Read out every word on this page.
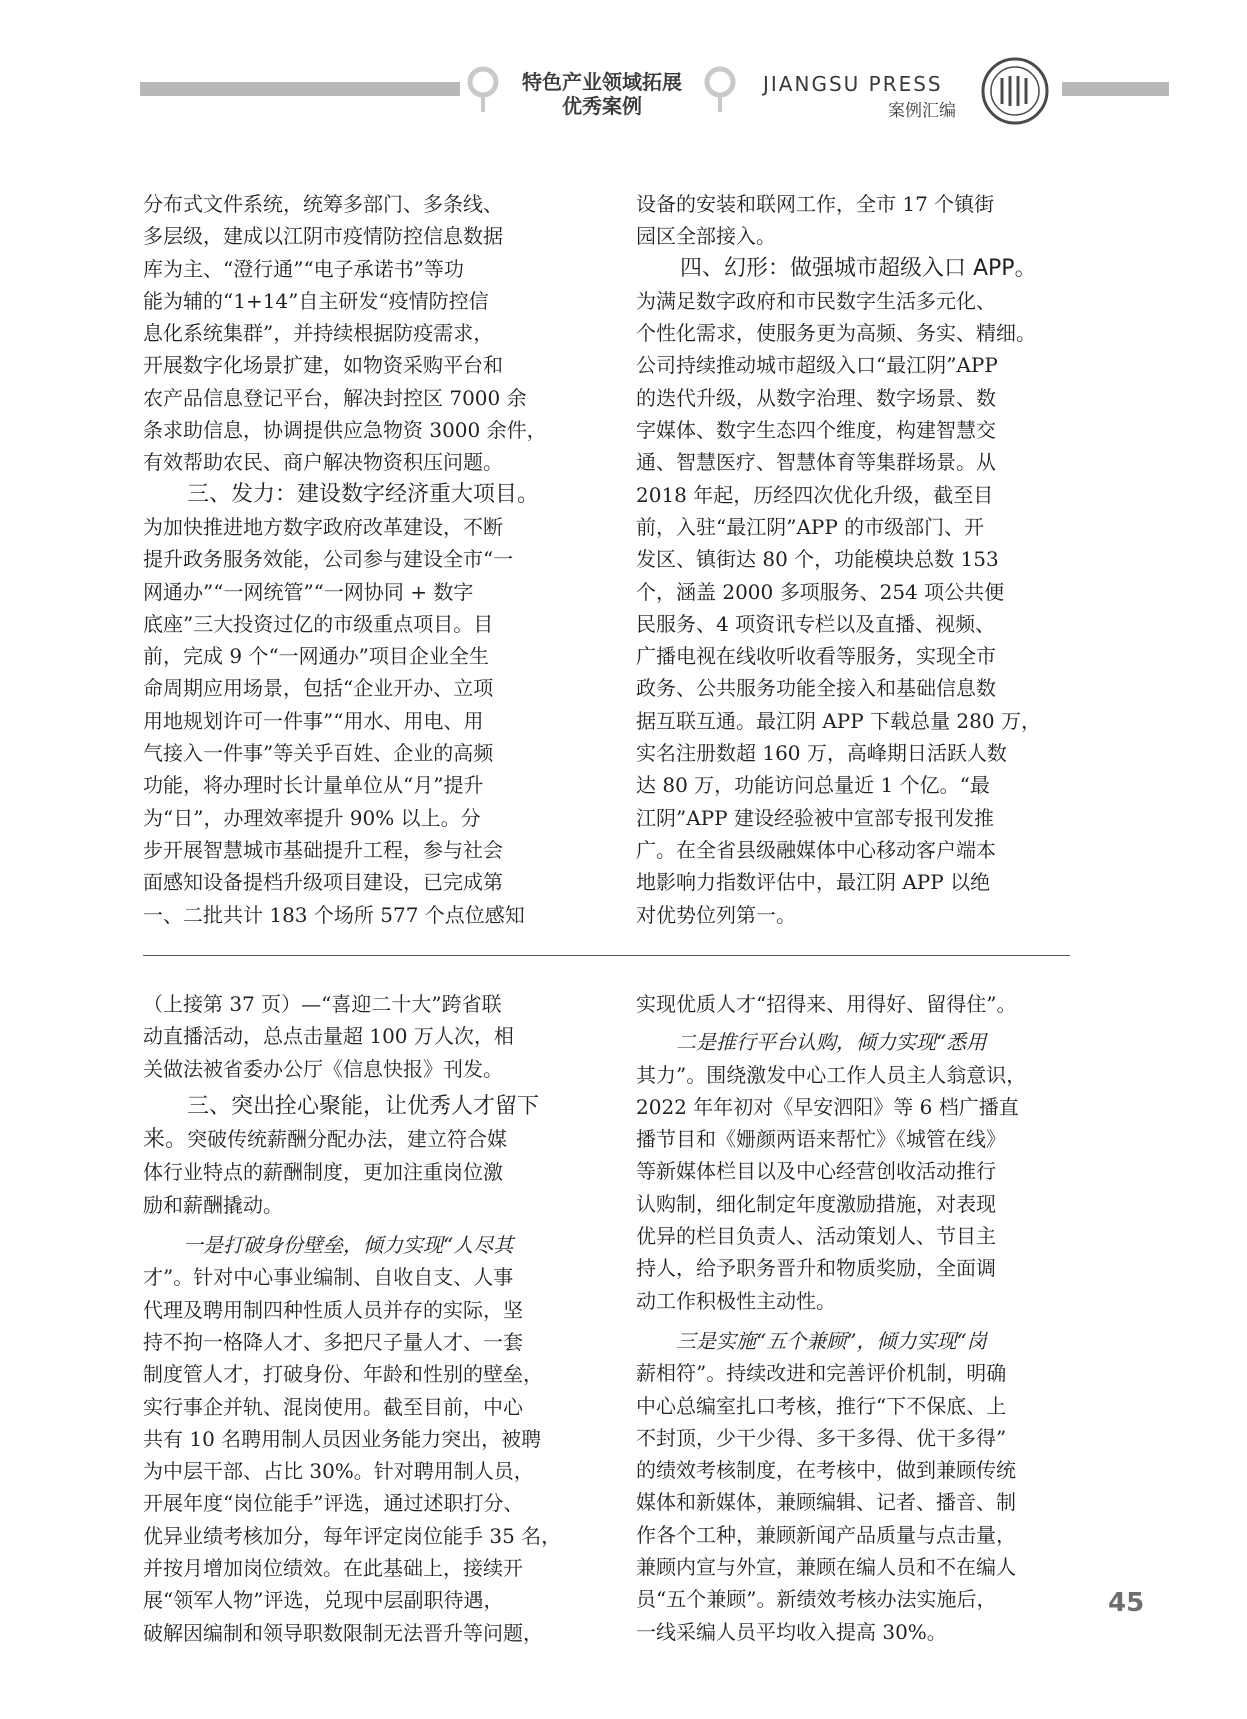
特色产业领域拓展
优秀案例
JIANGSU PRESS
案例汇编

分布式文件系统，统筹多部门、多条线、

多层级，建成以江阴市疫情防控信息数据

库为主、“澄行通”“电子承诺书”等功

能为辅的“1+14”自主研发“疫情防控信

息化系统集群”，并持续根据防疫需求，

开展数字化场景扩建，如物资采购平台和

农产品信息登记平台，解决封控区 7000 余

条求助信息，协调提供应急物资 3000 余件，

有效帮助农民、商户解决物资积压问题。

三、发力：建设数字经济重大项目。

为加快推进地方数字政府改革建设，不断

提升政务服务效能，公司参与建设全市“一

网通办”“一网统管”“一网协同 + 数字

底座”三大投资过亿的市级重点项目。目

前，完成 9 个“一网通办”项目企业全生

命周期应用场景，包括“企业开办、立项

用地规划许可一件事”“用水、用电、用

气接入一件事”等关乎百姓、企业的高频

功能，将办理时长计量单位从“月”提升

为“日”，办理效率提升 90% 以上。分

步开展智慧城市基础提升工程，参与社会

面感知设备提档升级项目建设，已完成第

一、二批共计 183 个场所 577 个点位感知

设备的安装和联网工作，全市 17 个镇街

园区全部接入。

四、幻形：做强城市超级入口 APP。

为满足数字政府和市民数字生活多元化、

个性化需求，使服务更为高频、务实、精细。

公司持续推动城市超级入口“最江阴”APP

的迭代升级，从数字治理、数字场景、数

字媒体、数字生态四个维度，构建智慧交

通、智慧医疗、智慧体育等集群场景。从

2018 年起，历经四次优化升级，截至目

前，入驻“最江阴”APP 的市级部门、开

发区、镇街达 80 个，功能模块总数 153

个，涵盖 2000 多项服务、254 项公共便

民服务、4 项资讯专栏以及直播、视频、

广播电视在线收听收看等服务，实现全市

政务、公共服务功能全接入和基础信息数

据互联互通。最江阴 APP 下载总量 280 万，

实名注册数超 160 万，高峰期日活跃人数

达 80 万，功能访问总量近 1 个亿。“最

江阴”APP 建设经验被中宣部专报刊发推

广。在全省县级融媒体中心移动客户端本

地影响力指数评估中，最江阴 APP 以绝

对优势位列第一。

（上接第 37 页）—“喜迎二十大”跨省联

动直播活动，总点击量超 100 万人次，相

关做法被省委办公厅《信息快报》刊发。

三、突出拴心聚能，让优秀人才留下

来。突破传统薪酬分配办法，建立符合媒

体行业特点的薪酬制度，更加注重岗位激

励和薪酬撬动。

一是打破身份壁垒，倾力实现“人尽其

才”。针对中心事业编制、自收自支、人事

代理及聘用制四种性质人员并存的实际，坚

持不拘一格降人才、多把尺子量人才、一套

制度管人才，打破身份、年龄和性别的壁垒，

实行事企并轨、混岗使用。截至目前，中心

共有 10 名聘用制人员因业务能力突出，被聘

为中层干部、占比 30%。针对聘用制人员，

开展年度“岗位能手”评选，通过述职打分、

优异业绩考核加分，每年评定岗位能手 35 名，

并按月增加岗位绩效。在此基础上，接续开

展“领军人物”评选，兑现中层副职待遇，

破解因编制和领导职数限制无法晋升等问题，

实现优质人才“招得来、用得好、留得住”。

二是推行平台认购，倾力实现“悉用

其力”。围绕激发中心工作人员主人翁意识，

2022 年年初对《早安泗阳》等 6 档广播直

播节目和《姗颜两语来帮忙》《城管在线》

等新媒体栏目以及中心经营创收活动推行

认购制，细化制定年度激励措施，对表现

优异的栏目负责人、活动策划人、节目主

持人，给予职务晋升和物质奖励，全面调

动工作积极性主动性。

三是实施“五个兼顾”，倾力实现“岗

薪相符”。持续改进和完善评价机制，明确

中心总编室扎口考核，推行“下不保底、上

不封顶，少干少得、多干多得、优干多得”

的绩效考核制度，在考核中，做到兼顾传统

媒体和新媒体，兼顾编辑、记者、播音、制

作各个工种，兼顾新闻产品质量与点击量，

兼顾内宣与外宣，兼顾在编人员和不在编人

员“五个兼顾”。新绩效考核办法实施后，

一线采编人员平均收入提高 30%。

45
